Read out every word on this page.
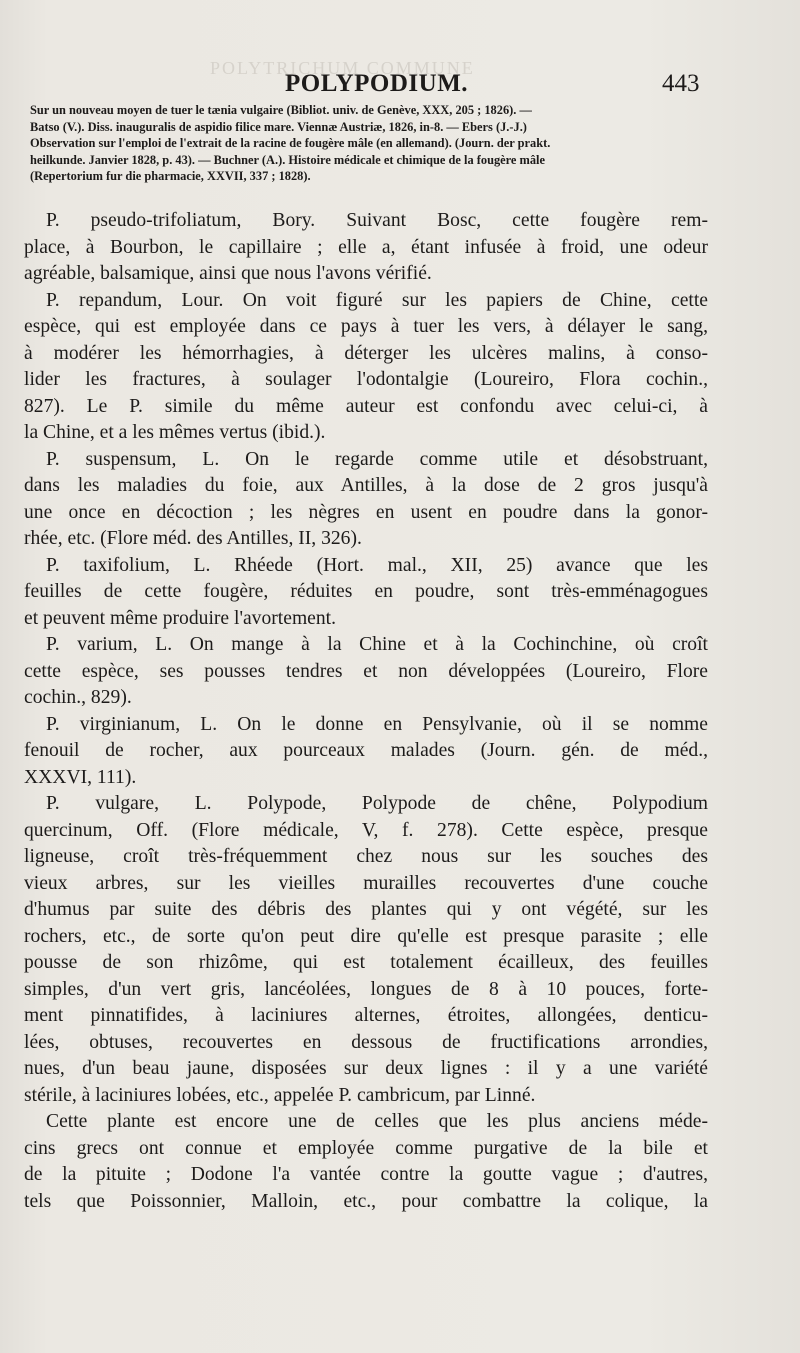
POLYTRICHUM COMMUNE
POLYPODIUM.	443
Sur un nouveau moyen de tuer le tænia vulgaire (Bibliot. univ. de Genève, XXX, 205 ; 1826). —
Batso (V.). Diss. inauguralis de aspidio filice mare. Viennæ Austriæ, 1826, in-8. — Ebers (J.-J.)
Observation sur l'emploi de l'extrait de la racine de fougère mâle (en allemand). (Journ. der prakt.
heilkunde. Janvier 1828, p. 43). — Buchner (A.). Histoire médicale et chimique de la fougère mâle
(Repertorium fur die pharmacie, XXVII, 337 ; 1828).
P. pseudo-trifoliatum, Bory. Suivant Bosc, cette fougère rem-
place, à Bourbon, le capillaire ; elle a, étant infusée à froid, une odeur
agréable, balsamique, ainsi que nous l'avons vérifié.
P. repandum, Lour. On voit figuré sur les papiers de Chine, cette
espèce, qui est employée dans ce pays à tuer les vers, à délayer le sang,
à modérer les hémorrhagies, à déterger les ulcères malins, à conso-
lider les fractures, à soulager l'odontalgie (Loureiro, Flora cochin.,
827). Le P. simile du même auteur est confondu avec celui-ci, à
la Chine, et a les mêmes vertus (ibid.).
P. suspensum, L. On le regarde comme utile et désobstruant,
dans les maladies du foie, aux Antilles, à la dose de 2 gros jusqu'à
une once en décoction ; les nègres en usent en poudre dans la gonor-
rhée, etc. (Flore méd. des Antilles, II, 326).
P. taxifolium, L. Rhéede (Hort. mal., XII, 25) avance que les
feuilles de cette fougère, réduites en poudre, sont très-emménagogues
et peuvent même produire l'avortement.
P. varium, L. On mange à la Chine et à la Cochinchine, où croît
cette espèce, ses pousses tendres et non développées (Loureiro, Flore
cochin., 829).
P. virginianum, L. On le donne en Pensylvanie, où il se nomme
fenouil de rocher, aux pourceaux malades (Journ. gén. de méd.,
XXXVI, 111).
P. vulgare, L. Polypode, Polypode de chêne, Polypodium
quercinum, Off. (Flore médicale, V, f. 278). Cette espèce, presque
ligneuse, croît très-fréquemment chez nous sur les souches des
vieux arbres, sur les vieilles murailles recouvertes d'une couche
d'humus par suite des débris des plantes qui y ont végété, sur les
rochers, etc., de sorte qu'on peut dire qu'elle est presque parasite ; elle
pousse de son rhizôme, qui est totalement écailleux, des feuilles
simples, d'un vert gris, lancéolées, longues de 8 à 10 pouces, forte-
ment pinnatifides, à laciniures alternes, étroites, allongées, denticu-
lées, obtuses, recouvertes en dessous de fructifications arrondies,
nues, d'un beau jaune, disposées sur deux lignes : il y a une variété
stérile, à laciniures lobées, etc., appelée P. cambricum, par Linné.
Cette plante est encore une de celles que les plus anciens méde-
cins grecs ont connue et employée comme purgative de la bile et
de la pituite ; Dodone l'a vantée contre la goutte vague ; d'autres,
tels que Poissonnier, Malloin, etc., pour combattre la colique, la
